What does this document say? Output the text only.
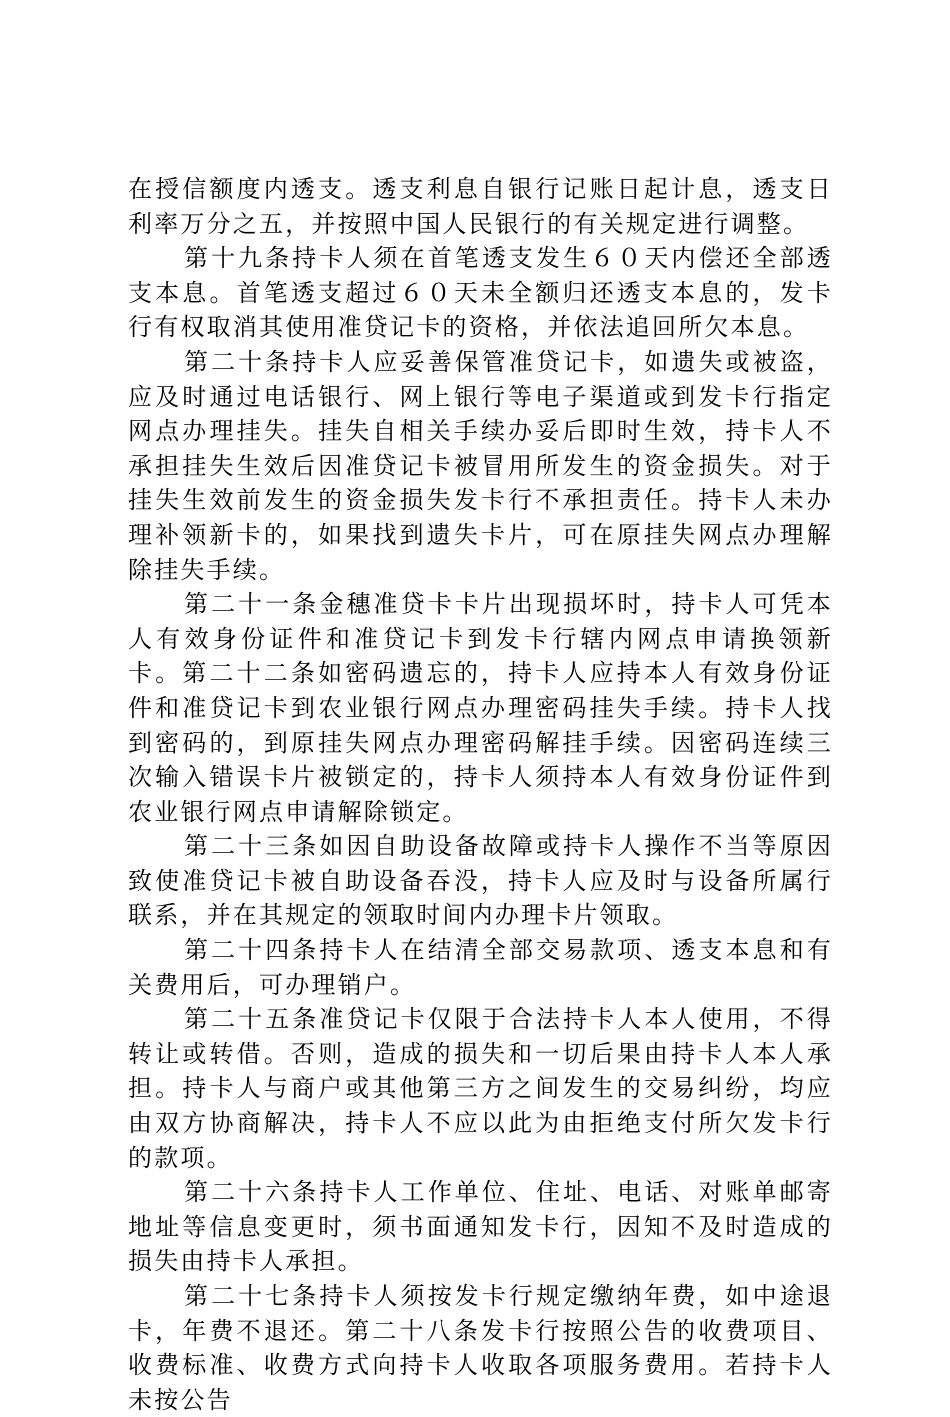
在授信额度内透支。透支利息自银行记账日起计息，透支日利率万分之五，并按照中国人民银行的有关规定进行调整。

第十九条持卡人须在首笔透支发生６０天内偿还全部透支本息。首笔透支超过６０天未全额归还透支本息的，发卡行有权取消其使用准贷记卡的资格，并依法追回所欠本息。

第二十条持卡人应妥善保管准贷记卡，如遗失或被盗，应及时通过电话银行、网上银行等电子渠道或到发卡行指定网点办理挂失。挂失自相关手续办妥后即时生效，持卡人不承担挂失生效后因准贷记卡被冒用所发生的资金损失。对于挂失生效前发生的资金损失发卡行不承担责任。持卡人未办理补领新卡的，如果找到遗失卡片，可在原挂失网点办理解除挂失手续。

第二十一条金穗准贷卡卡片出现损坏时，持卡人可凭本人有效身份证件和准贷记卡到发卡行辖内网点申请换领新卡。第二十二条如密码遗忘的，持卡人应持本人有效身份证件和准贷记卡到农业银行网点办理密码挂失手续。持卡人找到密码的，到原挂失网点办理密码解挂手续。因密码连续三次输入错误卡片被锁定的，持卡人须持本人有效身份证件到农业银行网点申请解除锁定。

第二十三条如因自助设备故障或持卡人操作不当等原因致使准贷记卡被自助设备吞没，持卡人应及时与设备所属行联系，并在其规定的领取时间内办理卡片领取。

第二十四条持卡人在结清全部交易款项、透支本息和有关费用后，可办理销户。

第二十五条准贷记卡仅限于合法持卡人本人使用，不得转让或转借。否则，造成的损失和一切后果由持卡人本人承担。持卡人与商户或其他第三方之间发生的交易纠纷，均应由双方协商解决，持卡人不应以此为由拒绝支付所欠发卡行的款项。

第二十六条持卡人工作单位、住址、电话、对账单邮寄地址等信息变更时，须书面通知发卡行，因知不及时造成的损失由持卡人承担。

第二十七条持卡人须按发卡行规定缴纳年费，如中途退卡，年费不退还。第二十八条发卡行按照公告的收费项目、收费标准、收费方式向持卡人收取各项服务费用。若持卡人未按公告
